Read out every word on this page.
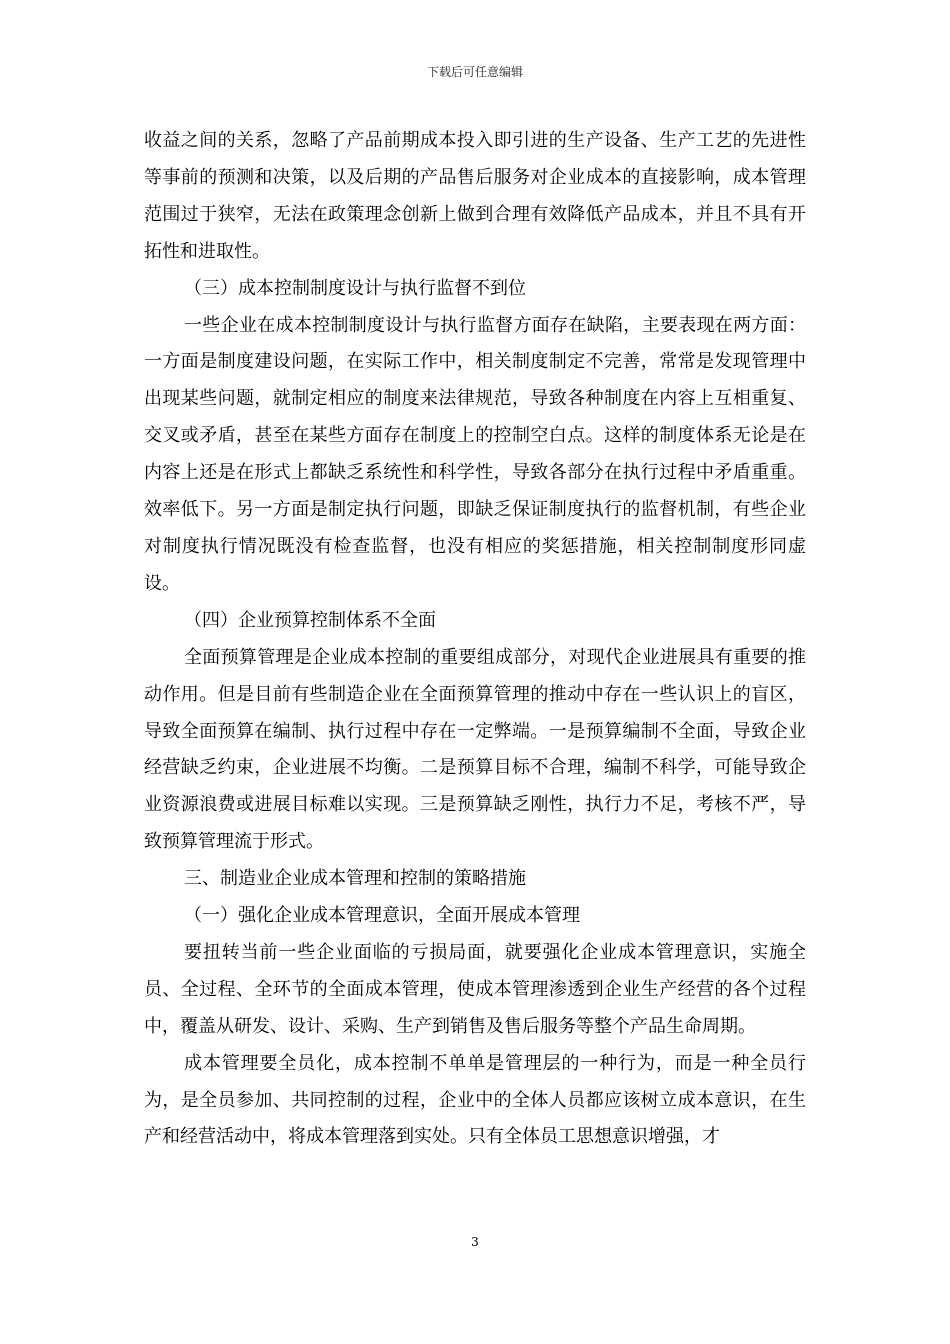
下载后可任意编辑

收益之间的关系，忽略了产品前期成本投入即引进的生产设备、生产工艺的先进性等事前的预测和决策，以及后期的产品售后服务对企业成本的直接影响，成本管理范围过于狭窄，无法在政策理念创新上做到合理有效降低产品成本，并且不具有开拓性和进取性。

（三）成本控制制度设计与执行监督不到位

一些企业在成本控制制度设计与执行监督方面存在缺陷，主要表现在两方面：一方面是制度建设问题，在实际工作中，相关制度制定不完善，常常是发现管理中出现某些问题，就制定相应的制度来法律规范，导致各种制度在内容上互相重复、交叉或矛盾，甚至在某些方面存在制度上的控制空白点。这样的制度体系无论是在内容上还是在形式上都缺乏系统性和科学性，导致各部分在执行过程中矛盾重重。效率低下。另一方面是制定执行问题，即缺乏保证制度执行的监督机制，有些企业对制度执行情况既没有检查监督，也没有相应的奖惩措施，相关控制制度形同虚设。

（四）企业预算控制体系不全面

全面预算管理是企业成本控制的重要组成部分，对现代企业进展具有重要的推动作用。但是目前有些制造企业在全面预算管理的推动中存在一些认识上的盲区，导致全面预算在编制、执行过程中存在一定弊端。一是预算编制不全面，导致企业经营缺乏约束，企业进展不均衡。二是预算目标不合理，编制不科学，可能导致企业资源浪费或进展目标难以实现。三是预算缺乏刚性，执行力不足，考核不严，导致预算管理流于形式。

三、制造业企业成本管理和控制的策略措施

（一）强化企业成本管理意识，全面开展成本管理

要扭转当前一些企业面临的亏损局面，就要强化企业成本管理意识，实施全员、全过程、全环节的全面成本管理，使成本管理渗透到企业生产经营的各个过程中，覆盖从研发、设计、采购、生产到销售及售后服务等整个产品生命周期。

成本管理要全员化，成本控制不单单是管理层的一种行为，而是一种全员行为，是全员参加、共同控制的过程，企业中的全体人员都应该树立成本意识，在生产和经营活动中，将成本管理落到实处。只有全体员工思想意识增强，才

3
